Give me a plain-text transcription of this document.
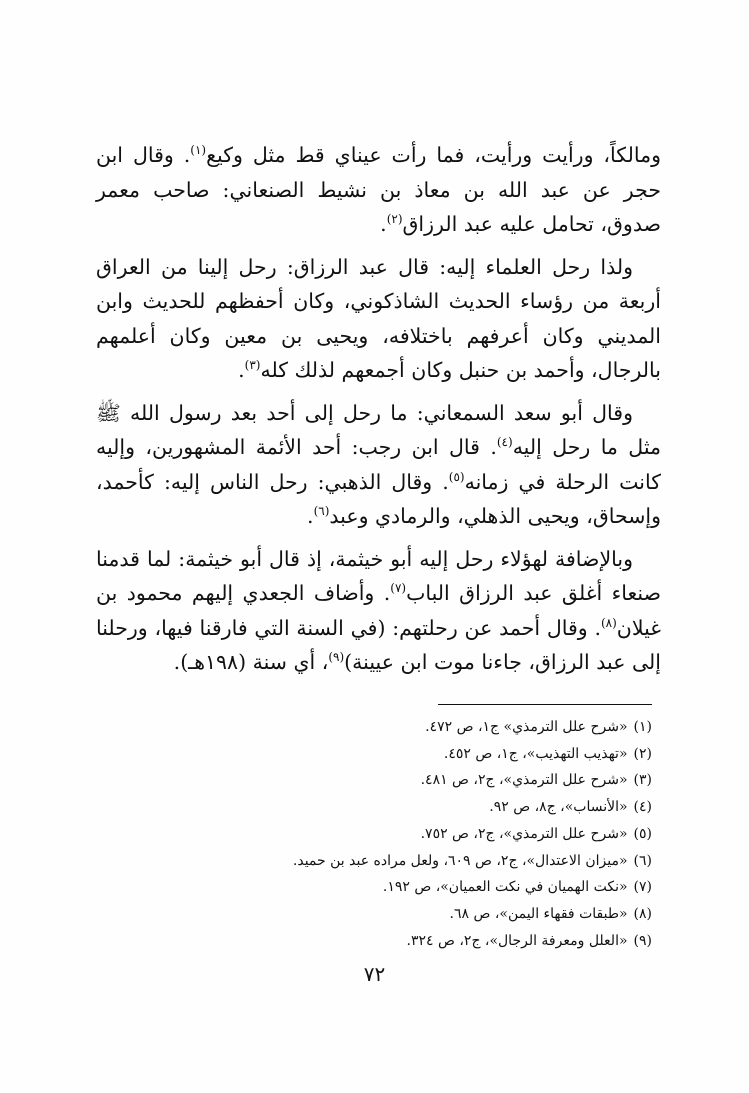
ومالكاً، ورأيت ورأيت، فما رأت عيناي قط مثل وكيع$^{(١)}$. وقال ابن حجر عن عبد الله بن معاذ بن نشيط الصنعاني: صاحب معمر صدوق، تحامل عليه عبد الرزاق$^{(٢)}$.

ولذا رحل العلماء إليه: قال عبد الرزاق: رحل إلينا من العراق أربعة من رؤساء الحديث الشاذكوني، وكان أحفظهم للحديث وابن المديني وكان أعرفهم باختلافه، ويحيى بن معين وكان أعلمهم بالرجال، وأحمد بن حنبل وكان أجمعهم لذلك كله$^{(٣)}$.

وقال أبو سعد السمعاني: ما رحل إلى أحد بعد رسول الله ﷺ مثل ما رحل إليه$^{(٤)}$. قال ابن رجب: أحد الأئمة المشهورين، وإليه كانت الرحلة في زمانه$^{(٥)}$. وقال الذهبي: رحل الناس إليه: كأحمد، وإسحاق، ويحيى الذهلي، والرمادي وعبد$^{(٦)}$.

وبالإضافة لهؤلاء رحل إليه أبو خيثمة، إذ قال أبو خيثمة: لما قدمنا صنعاء أغلق عبد الرزاق الباب$^{(٧)}$. وأضاف الجعدي إليهم محمود بن غيلان$^{(٨)}$. وقال أحمد عن رحلتهم: (في السنة التي فارقنا فيها، ورحلنا إلى عبد الرزاق، جاءنا موت ابن عيينة)$^{(٩)}$، أي سنة (١٩٨هـ).

(١)«شرح علل الترمذي» ج١، ص ٤٧٢.
(٢)«تهذيب التهذيب»، ج١، ص ٤٥٢.
(٣)«شرح علل الترمذي»، ج٢، ص ٤٨١.
(٤)«الأنساب»، ج٨، ص ٩٢.
(٥)«شرح علل الترمذي»، ج٢، ص ٧٥٢.
(٦)«ميزان الاعتدال»، ج٢، ص ٦٠٩، ولعل مراده عبد بن حميد.
(٧)«نكت الهميان في نكت العميان»، ص ١٩٢.
(٨)«طبقات فقهاء اليمن»، ص ٦٨.
(٩)«العلل ومعرفة الرجال»، ج٢، ص ٣٢٤.
٧٢
